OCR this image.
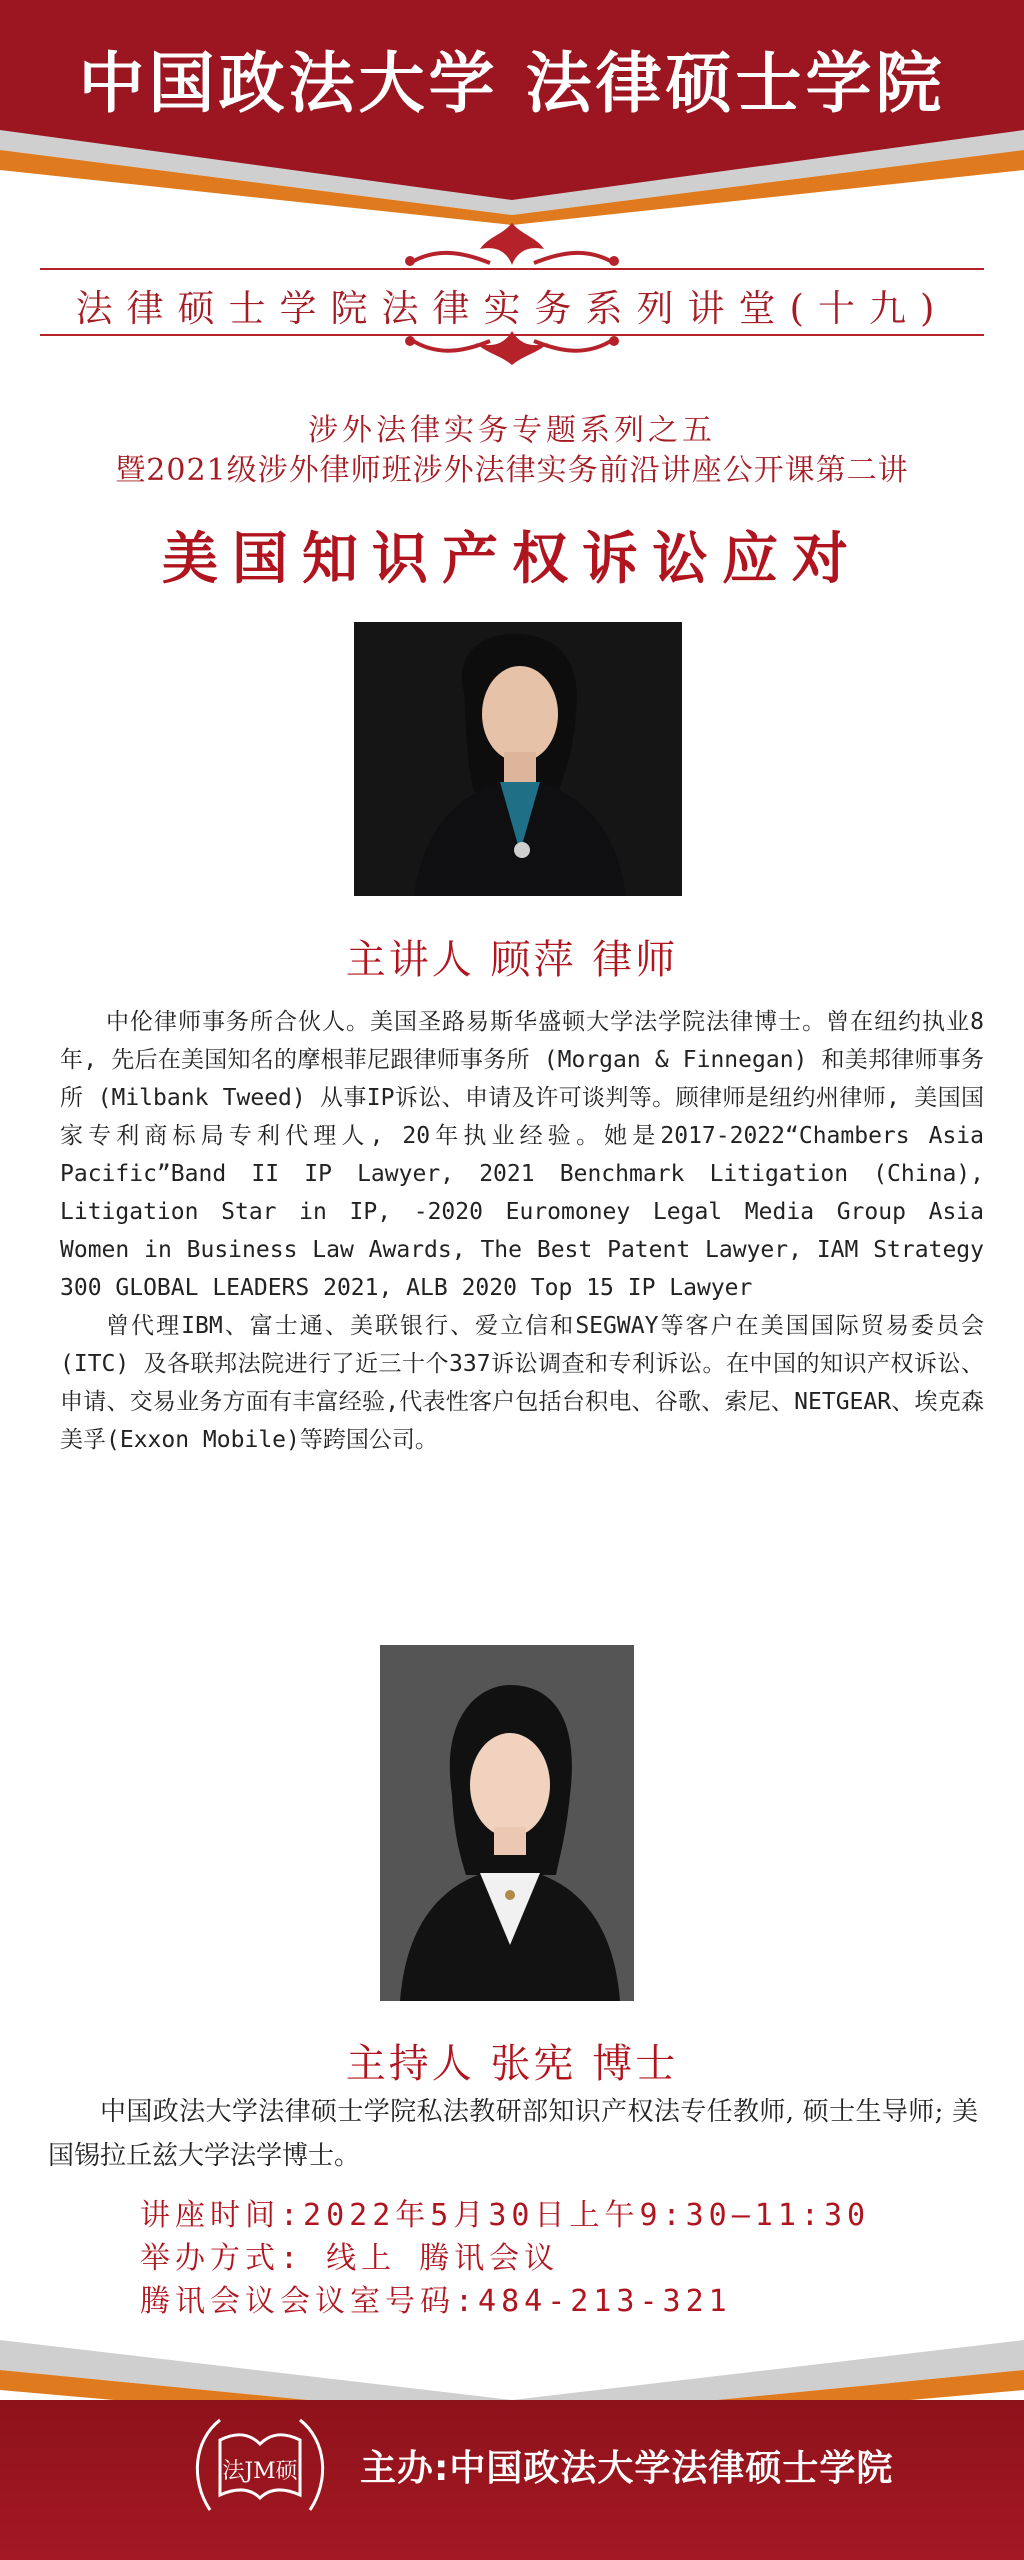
中国政法大学 法律硕士学院
法律硕士学院法律实务系列讲堂(十九)
涉外法律实务专题系列之五
暨2021级涉外律师班涉外法律实务前沿讲座公开课第二讲
美国知识产权诉讼应对
主讲人 顾萍 律师

中伦律师事务所合伙人。美国圣路易斯华盛顿大学法学院法律博士。曾在纽约执业8年, 先后在美国知名的摩根菲尼跟律师事务所 (Morgan & Finnegan) 和美邦律师事务所 (Milbank Tweed) 从事IP诉讼、申请及许可谈判等。顾律师是纽约州律师, 美国国家专利商标局专利代理人, 20年执业经验。她是2017-2022“Chambers Asia Pacific”Band II IP Lawyer, 2021 Benchmark Litigation (China), Litigation Star in IP, -2020 Euromoney Legal Media Group Asia Women in Business Law Awards, The Best Patent Lawyer, IAM Strategy 300 GLOBAL LEADERS 2021, ALB 2020 Top 15 IP Lawyer

曾代理IBM、富士通、美联银行、爱立信和SEGWAY等客户在美国国际贸易委员会 (ITC) 及各联邦法院进行了近三十个337诉讼调查和专利诉讼。在中国的知识产权诉讼、申请、交易业务方面有丰富经验,代表性客户包括台积电、谷歌、索尼、NETGEAR、埃克森美孚(Exxon Mobile)等跨国公司。

主持人 张宪 博士

中国政法大学法律硕士学院私法教研部知识产权法专任教师, 硕士生导师; 美国锡拉丘兹大学法学博士。

讲座时间:2022年5月30日上午9:30—11:30
举办方式: 线上 腾讯会议
腾讯会议会议室号码:484-213-321
法JM硕 主办:中国政法大学法律硕士学院
